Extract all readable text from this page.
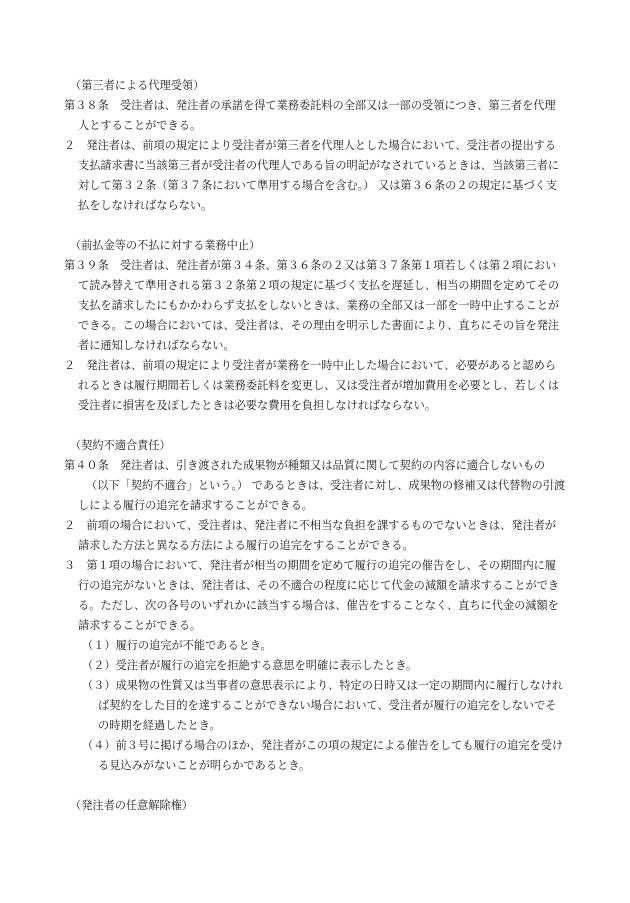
（第三者による代理受領）
第３８条　受注者は、発注者の承諾を得て業務委託料の全部又は一部の受領につき、第三者を代理
人とすることができる。
２　発注者は、前項の規定により受注者が第三者を代理人とした場合において、受注者の提出する
支払請求書に当該第三者が受注者の代理人である旨の明記がなされているときは、当該第三者に
対して第３２条（第３７条において準用する場合を含む。） 又は第３６条の２の規定に基づく支
払をしなければならない。
（前払金等の不払に対する業務中止）
第３９条　受注者は、発注者が第３４条、第３６条の２又は第３７条第１項若しくは第２項におい
て読み替えて準用される第３２条第２項の規定に基づく支払を遅延し、相当の期間を定めてその
支払を請求したにもかかわらず支払をしないときは、業務の全部又は一部を一時中止することが
できる。この場合においては、受注者は、その理由を明示した書面により、直ちにその旨を発注
者に通知しなければならない。
２　発注者は、前項の規定により受注者が業務を一時中止した場合において、必要があると認めら
れるときは履行期間若しくは業務委託料を変更し、又は受注者が増加費用を必要とし、若しくは
受注者に損害を及ぼしたときは必要な費用を負担しなければならない。
（契約不適合責任）
第４０条　発注者は、引き渡された成果物が種類又は品質に関して契約の内容に適合しないもの
（以下「契約不適合」という。） であるときは、受注者に対し、成果物の修補又は代替物の引渡
しによる履行の追完を請求することができる。
２　前項の場合において、受注者は、発注者に不相当な負担を課するものでないときは、発注者が
請求した方法と異なる方法による履行の追完をすることができる。
３　第１項の場合において、発注者が相当の期間を定めて履行の追完の催告をし、その期間内に履
行の追完がないときは、発注者は、その不適合の程度に応じて代金の減額を請求することができ
る。ただし、次の各号のいずれかに該当する場合は、催告をすることなく、直ちに代金の減額を
請求することができる。
（１）履行の追完が不能であるとき。
（２）受注者が履行の追完を拒絶する意思を明確に表示したとき。
（３）成果物の性質又は当事者の意思表示により、特定の日時又は一定の期間内に履行しなけれ
ば契約をした目的を達することができない場合において、受注者が履行の追完をしないでそ
の時期を経過したとき。
（４）前３号に掲げる場合のほか、発注者がこの項の規定による催告をしても履行の追完を受け
る見込みがないことが明らかであるとき。
（発注者の任意解除権）
